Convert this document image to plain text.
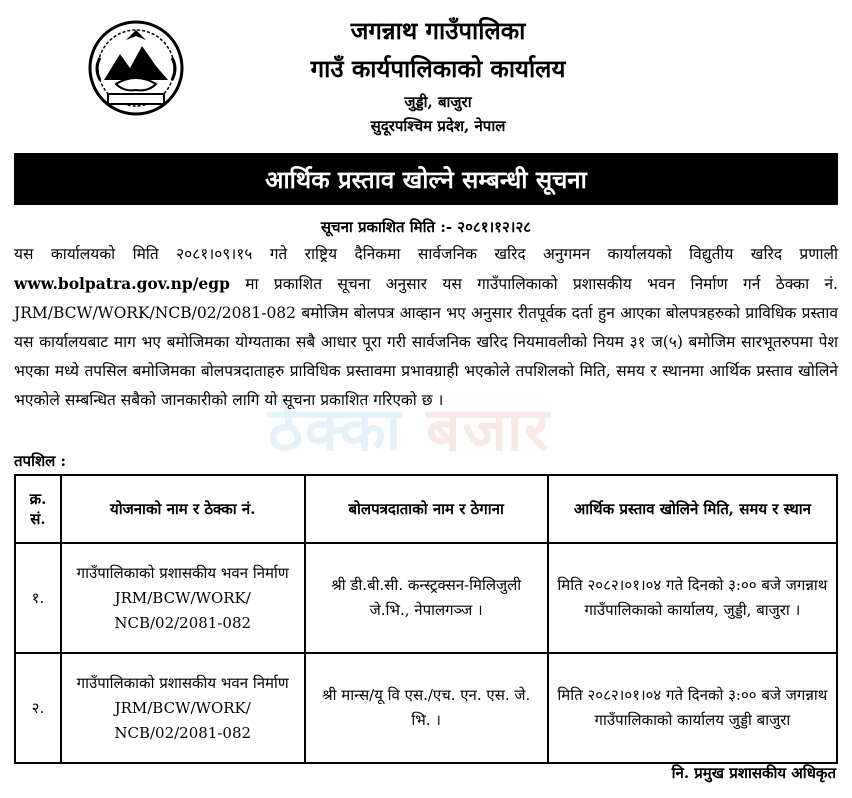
जगन्नाथ गाउँपालिका
गाउँ कार्यपालिकाको कार्यालय
जुड्डी, बाजुरा
सुदूरपश्चिम प्रदेश, नेपाल
आर्थिक प्रस्ताव खोल्ने सम्बन्धी सूचना
सूचना प्रकाशित मिति :- २०८१।१२।२८
ठेक्का बजार
यस कार्यालयको मिति २०८१।०९।१५ गते राष्ट्रिय दैनिकमा सार्वजनिक खरिद अनुगमन कार्यालयको विद्युतीय खरिद प्रणाली www.bolpatra.gov.np/egp मा प्रकाशित सूचना अनुसार यस गाउँपालिकाको प्रशासकीय भवन निर्माण गर्न ठेक्का नं. JRM/BCW/WORK/NCB/02/2081-082 बमोजिम बोलपत्र आव्हान भए अनुसार रीतपूर्वक दर्ता हुन आएका बोलपत्रहरुको प्राविधिक प्रस्ताव यस कार्यालयबाट माग भए बमोजिमका योग्यताका सबै आधार पूरा गरी सार्वजनिक खरिद नियमावलीको नियम ३१ ज(५) बमोजिम सारभूतरुपमा पेश भएका मध्ये तपसिल बमोजिमका बोलपत्रदाताहरु प्राविधिक प्रस्तावमा प्रभावग्राही भएकोले तपशिलको मिति, समय र स्थानमा आर्थिक प्रस्ताव खोलिने भएकोले सम्बन्धित सबैको जानकारीको लागि यो सूचना प्रकाशित गरिएको छ ।
तपशिल :
क्र. सं.	योजनाको नाम र ठेक्का नं.	बोलपत्रदाताको नाम र ठेगाना	आर्थिक प्रस्ताव खोलिने मिति, समय र स्थान
१.	गाउँपालिकाको प्रशासकीय भवन निर्माण JRM/BCW/WORK/ NCB/02/2081-082	श्री डी.बी.सी. कन्स्ट्रक्सन-मिलिजुली जे.भि., नेपालगञ्ज ।	मिति २०८२।०१।०४ गते दिनको ३:०० बजे जगन्नाथ गाउँपालिकाको कार्यालय, जुड्डी, बाजुरा ।
२.	गाउँपालिकाको प्रशासकीय भवन निर्माण JRM/BCW/WORK/ NCB/02/2081-082	श्री मान्स/यू वि एस./एच. एन. एस. जे. भि. ।	मिति २०८२।०१।०४ गते दिनको ३:०० बजे जगन्नाथ गाउँपालिकाको कार्यालय जुड्डी बाजुरा
नि. प्रमुख प्रशासकीय अधिकृत
